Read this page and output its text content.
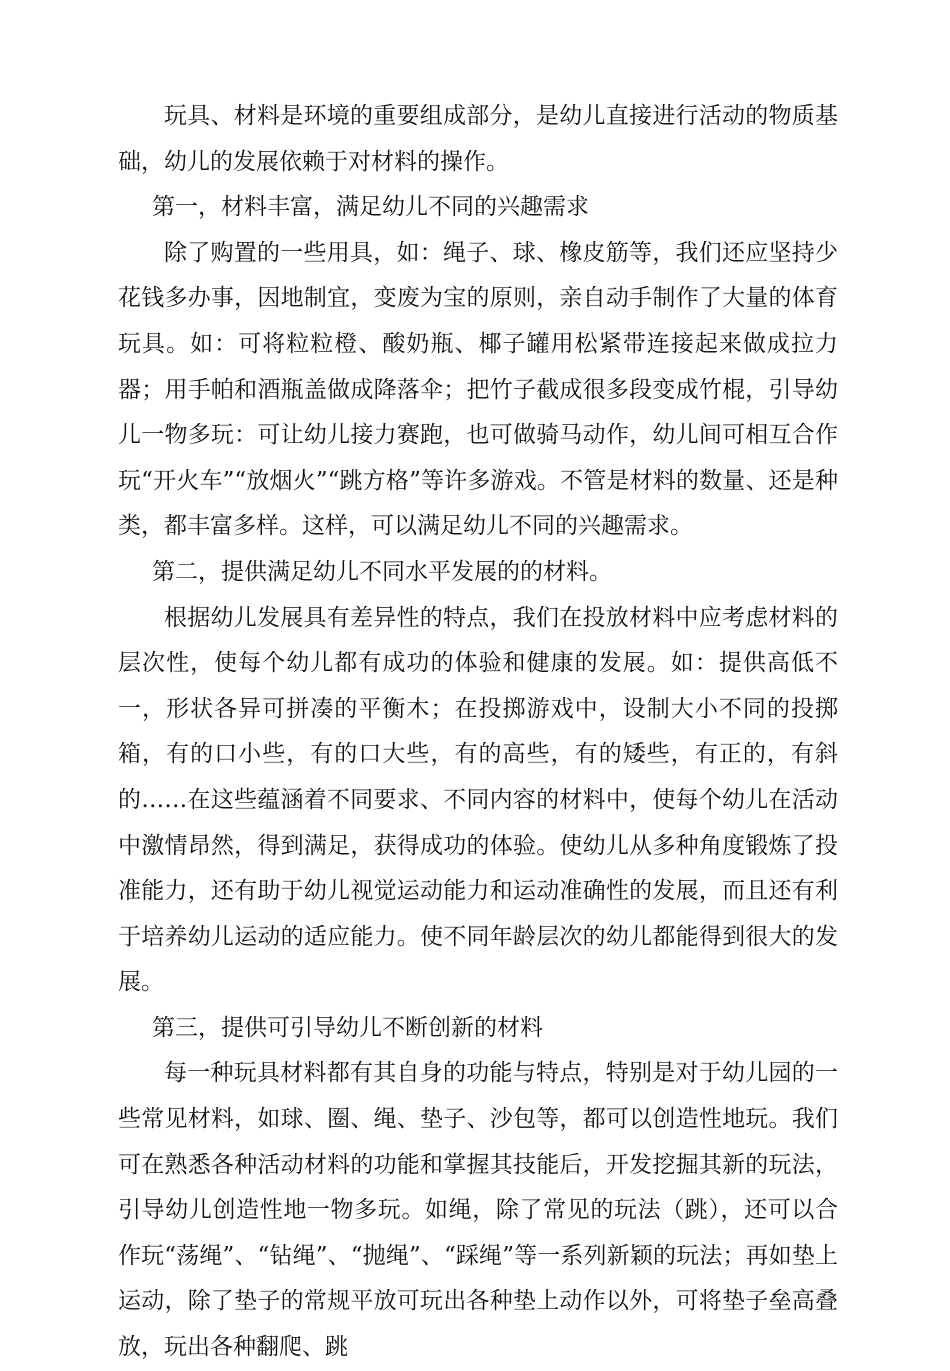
玩具、材料是环境的重要组成部分，是幼儿直接进行活动的物质基础，幼儿的发展依赖于对材料的操作。

第一，材料丰富，满足幼儿不同的兴趣需求

除了购置的一些用具，如：绳子、球、橡皮筋等，我们还应坚持少花钱多办事，因地制宜，变废为宝的原则，亲自动手制作了大量的体育玩具。如：可将粒粒橙、酸奶瓶、椰子罐用松紧带连接起来做成拉力器；用手帕和酒瓶盖做成降落伞；把竹子截成很多段变成竹棍，引导幼儿一物多玩：可让幼儿接力赛跑，也可做骑马动作，幼儿间可相互合作玩“开火车”“放烟火”“跳方格”等许多游戏。不管是材料的数量、还是种类，都丰富多样。这样，可以满足幼儿不同的兴趣需求。

第二，提供满足幼儿不同水平发展的的材料。

根据幼儿发展具有差异性的特点，我们在投放材料中应考虑材料的层次性，使每个幼儿都有成功的体验和健康的发展。如：提供高低不一，形状各异可拼凑的平衡木；在投掷游戏中，设制大小不同的投掷箱，有的口小些，有的口大些，有的高些，有的矮些，有正的，有斜的……在这些蕴涵着不同要求、不同内容的材料中，使每个幼儿在活动中激情昂然，得到满足，获得成功的体验。使幼儿从多种角度锻炼了投准能力，还有助于幼儿视觉运动能力和运动准确性的发展，而且还有利于培养幼儿运动的适应能力。使不同年龄层次的幼儿都能得到很大的发展。

第三，提供可引导幼儿不断创新的材料

每一种玩具材料都有其自身的功能与特点，特别是对于幼儿园的一些常见材料，如球、圈、绳、垫子、沙包等，都可以创造性地玩。我们可在熟悉各种活动材料的功能和掌握其技能后，开发挖掘其新的玩法，引导幼儿创造性地一物多玩。如绳，除了常见的玩法（跳），还可以合作玩“荡绳”、“钻绳”、“抛绳”、“踩绳”等一系列新颖的玩法；再如垫上运动，除了垫子的常规平放可玩出各种垫上动作以外，可将垫子垒高叠放，玩出各种翻爬、跳
